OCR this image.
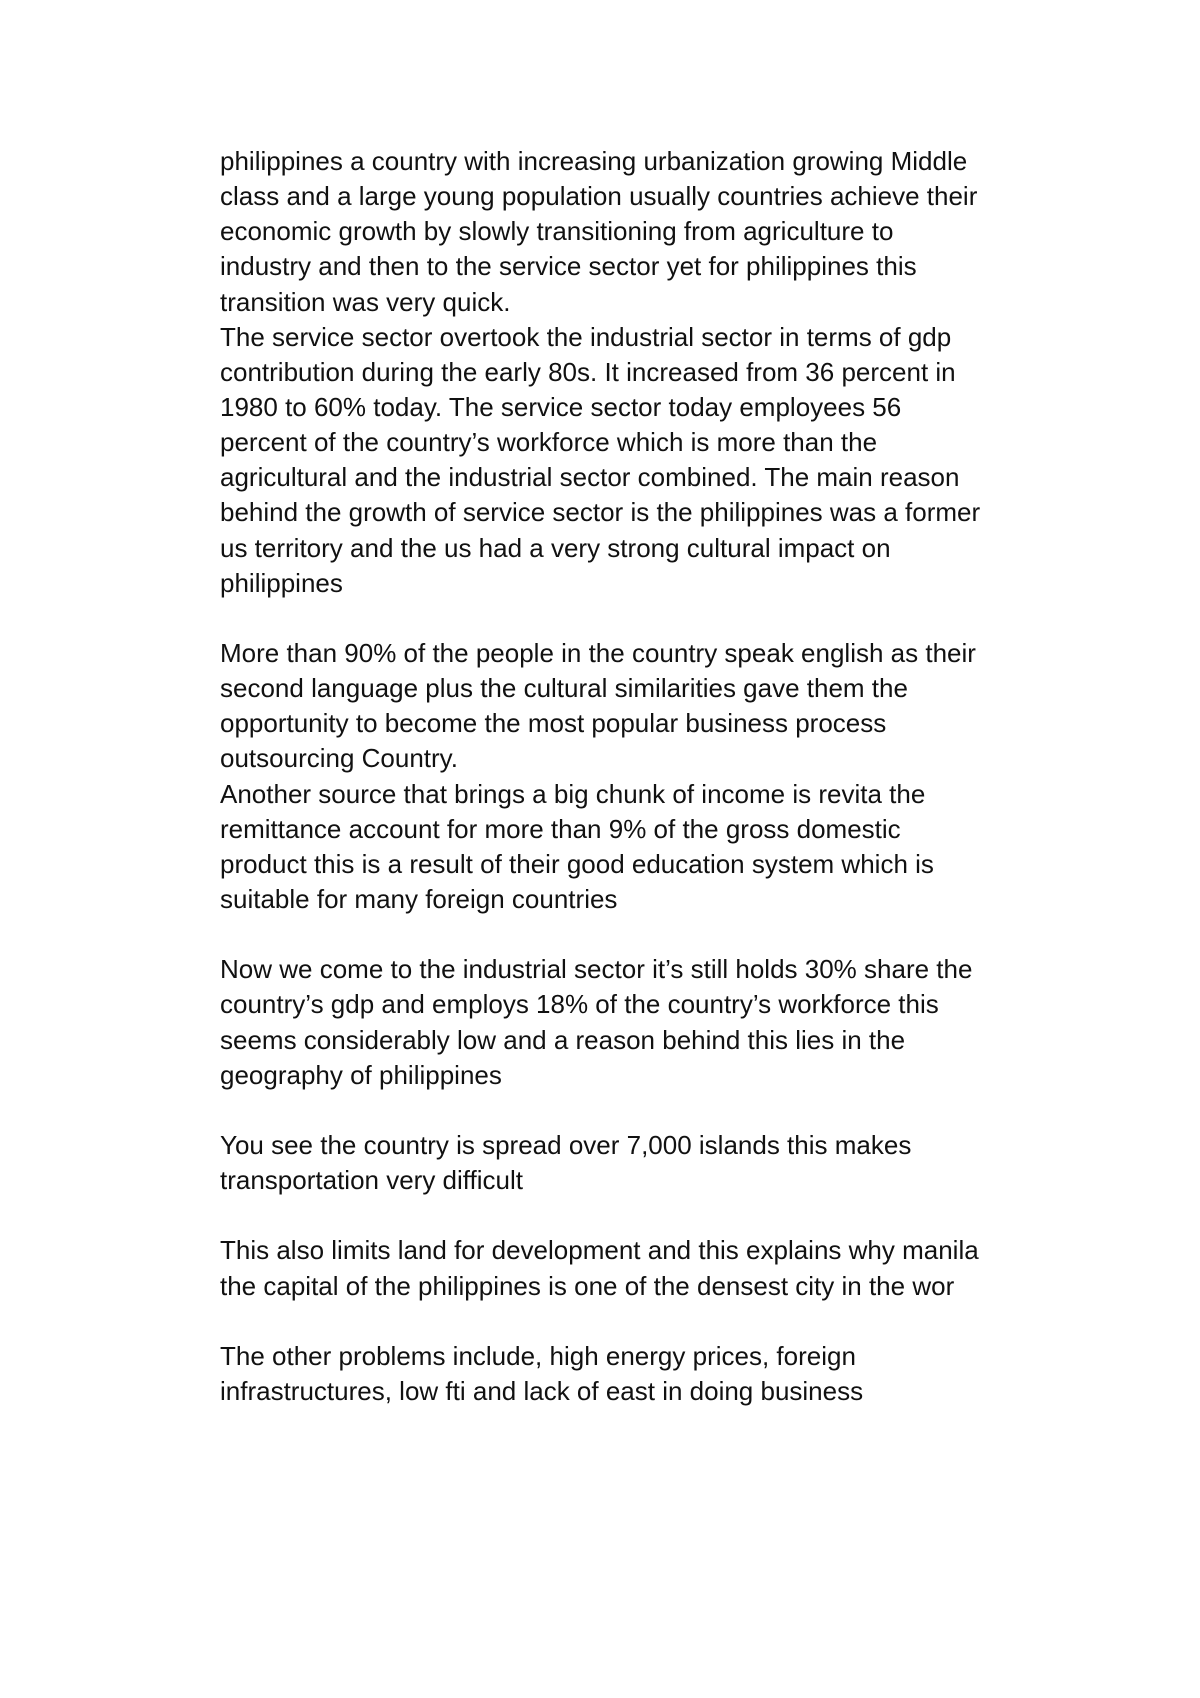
philippines a country with increasing urbanization growing Middle
class and a large young population usually countries achieve their
economic growth by slowly transitioning from agriculture to
industry and then to the service sector yet for philippines this
transition was very quick.
The service sector overtook the industrial sector in terms of gdp
contribution during the early 80s. It increased from 36 percent in
1980 to 60% today. The service sector today employees 56
percent of the country’s workforce which is more than the
agricultural and the industrial sector combined. The main reason
behind the growth of service sector is the philippines was a former
us territory and the us had a very strong cultural impact on
philippines
More than 90% of the people in the country speak english as their
second language plus the cultural similarities gave them the
opportunity to become the most popular business process
outsourcing Country.
Another source that brings a big chunk of income is revita the
remittance account for more than 9% of the gross domestic
product this is a result of their good education system which is
suitable for many foreign countries
Now we come to the industrial sector it’s still holds 30% share the
country’s gdp and employs 18% of the country’s workforce this
seems considerably low and a reason behind this lies in the
geography of philippines
You see the country is spread over 7,000 islands this makes
transportation very difficult
This also limits land for development and this explains why manila
the capital of the philippines is one of the densest city in the wor
The other problems include, high energy prices, foreign
infrastructures, low fti and lack of east in doing business
